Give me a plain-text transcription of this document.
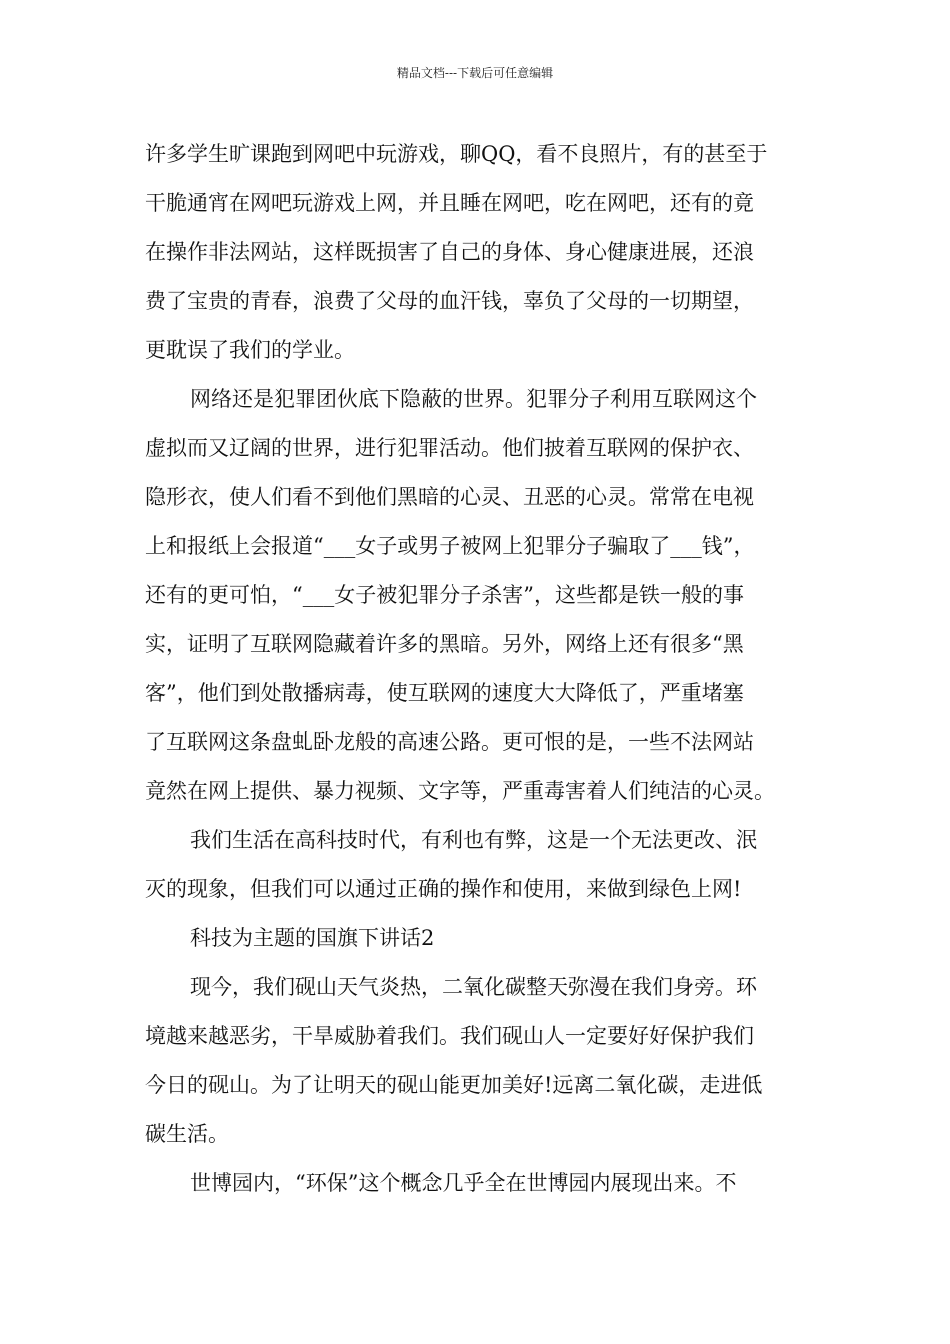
精品文档---下载后可任意编辑
许多学生旷课跑到网吧中玩游戏，聊QQ，看不良照片，有的甚至于
干脆通宵在网吧玩游戏上网，并且睡在网吧，吃在网吧，还有的竟
在操作非法网站，这样既损害了自己的身体、身心健康进展，还浪
费了宝贵的青春，浪费了父母的血汗钱，辜负了父母的一切期望，
更耽误了我们的学业。
网络还是犯罪团伙底下隐蔽的世界。犯罪分子利用互联网这个
虚拟而又辽阔的世界，进行犯罪活动。他们披着互联网的保护衣、
隐形衣，使人们看不到他们黑暗的心灵、丑恶的心灵。常常在电视
上和报纸上会报道“___女子或男子被网上犯罪分子骗取了___钱”，
还有的更可怕，“___女子被犯罪分子杀害”，这些都是铁一般的事
实，证明了互联网隐藏着许多的黑暗。另外，网络上还有很多“黑
客”，他们到处散播病毒，使互联网的速度大大降低了，严重堵塞
了互联网这条盘虬卧龙般的高速公路。更可恨的是，一些不法网站
竟然在网上提供、暴力视频、文字等，严重毒害着人们纯洁的心灵。
我们生活在高科技时代，有利也有弊，这是一个无法更改、泯
灭的现象，但我们可以通过正确的操作和使用，来做到绿色上网!
科技为主题的国旗下讲话2
现今，我们砚山天气炎热，二氧化碳整天弥漫在我们身旁。环
境越来越恶劣，干旱威胁着我们。我们砚山人一定要好好保护我们
今日的砚山。为了让明天的砚山能更加美好!远离二氧化碳，走进低
碳生活。
世博园内，“环保”这个概念几乎全在世博园内展现出来。不
